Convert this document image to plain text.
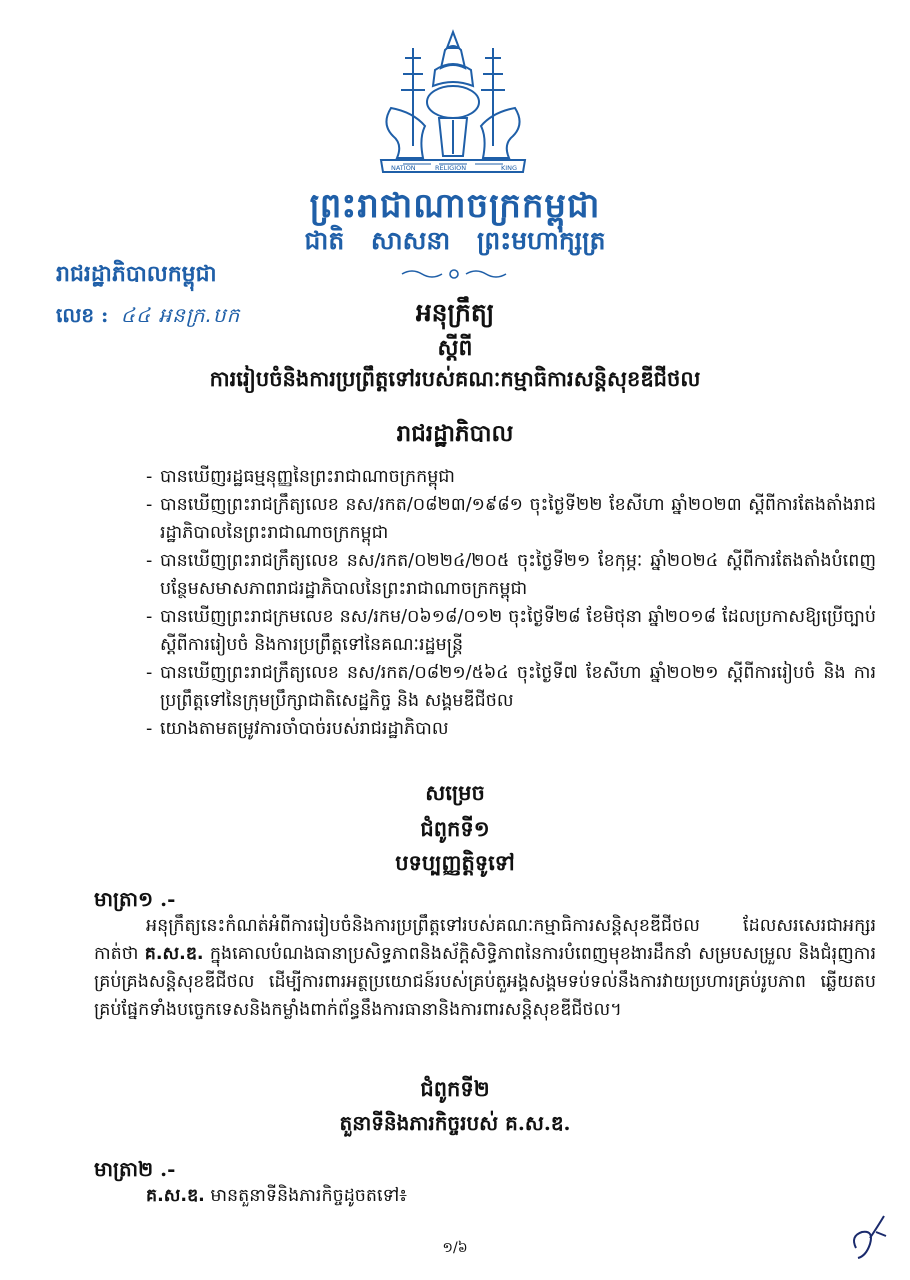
NATION	RELIGION	KING
ព្រះរាជាណាចក្រកម្ពុជា
ជាតិ សាសនា ព្រះមហាក្សត្រ
រាជរដ្ឋាភិបាលកម្ពុជា
លេខ : ៤៤ អនក្រ.បក	អនុក្រឹត្យ
ស្ដីពី
ការរៀបចំនិងការប្រព្រឹត្តទៅរបស់គណៈកម្មាធិការសន្តិសុខឌីជីថល
រាជរដ្ឋាភិបាល
- បានឃើញរដ្ឋធម្មនុញ្ញនៃព្រះរាជាណាចក្រកម្ពុជា
- បានឃើញព្រះរាជក្រឹត្យលេខ នស/រកត/០៨២៣/១៩៨១ ចុះថ្ងៃទី២២ ខែសីហា ឆ្នាំ២០២៣ ស្ដីពីការតែងតាំងរាជរដ្ឋាភិបាលនៃព្រះរាជាណាចក្រកម្ពុជា
- បានឃើញព្រះរាជក្រឹត្យលេខ នស/រកត/០២២៤/២០៥ ចុះថ្ងៃទី២១ ខែកុម្ភៈ ឆ្នាំ២០២៤ ស្ដីពីការតែងតាំងបំពេញបន្ថែមសមាសភាពរាជរដ្ឋាភិបាលនៃព្រះរាជាណាចក្រកម្ពុជា
- បានឃើញព្រះរាជក្រមលេខ នស/រកម/០៦១៨/០១២ ចុះថ្ងៃទី២៨ ខែមិថុនា ឆ្នាំ២០១៨ ដែលប្រកាសឱ្យប្រើច្បាប់ស្ដីពីការរៀបចំ និងការប្រព្រឹត្តទៅនៃគណៈរដ្ឋមន្ត្រី
- បានឃើញព្រះរាជក្រឹត្យលេខ នស/រកត/០៨២១/៥៦៤ ចុះថ្ងៃទី៧ ខែសីហា ឆ្នាំ២០២១ ស្ដីពីការរៀបចំ និង ការប្រព្រឹត្តទៅនៃក្រុមប្រឹក្សាជាតិសេដ្ឋកិច្ច និង សង្គមឌីជីថល
- យោងតាមតម្រូវការចាំបាច់របស់រាជរដ្ឋាភិបាល
សម្រេច
ជំពូកទី១
បទប្បញ្ញត្តិទូទៅ
មាត្រា១ .-
អនុក្រឹត្យនេះកំណត់អំពីការរៀបចំនិងការប្រព្រឹត្តទៅរបស់គណៈកម្មាធិការសន្តិសុខឌីជីថល ដែលសរសេរជាអក្សរកាត់ថា គ.ស.ឌ. ក្នុងគោលបំណងធានាប្រសិទ្ធភាពនិងស័ក្តិសិទ្ធិភាពនៃការបំពេញមុខងារដឹកនាំ សម្របសម្រួល និងជំរុញការគ្រប់គ្រងសន្តិសុខឌីជីថល ដើម្បីការពារអត្ថប្រយោជន៍របស់គ្រប់តួអង្គសង្គមទប់ទល់នឹងការវាយប្រហារគ្រប់រូបភាព ឆ្លើយតបគ្រប់ផ្នែកទាំងបច្ចេកទេសនិងកម្លាំងពាក់ព័ន្ធនឹងការធានានិងការពារសន្តិសុខឌីជីថល។
ជំពូកទី២
តួនាទីនិងភារកិច្ចរបស់ គ.ស.ឌ.
មាត្រា២ .-
គ.ស.ឌ. មានតួនាទីនិងភារកិច្ចដូចតទៅ៖
១/៦
